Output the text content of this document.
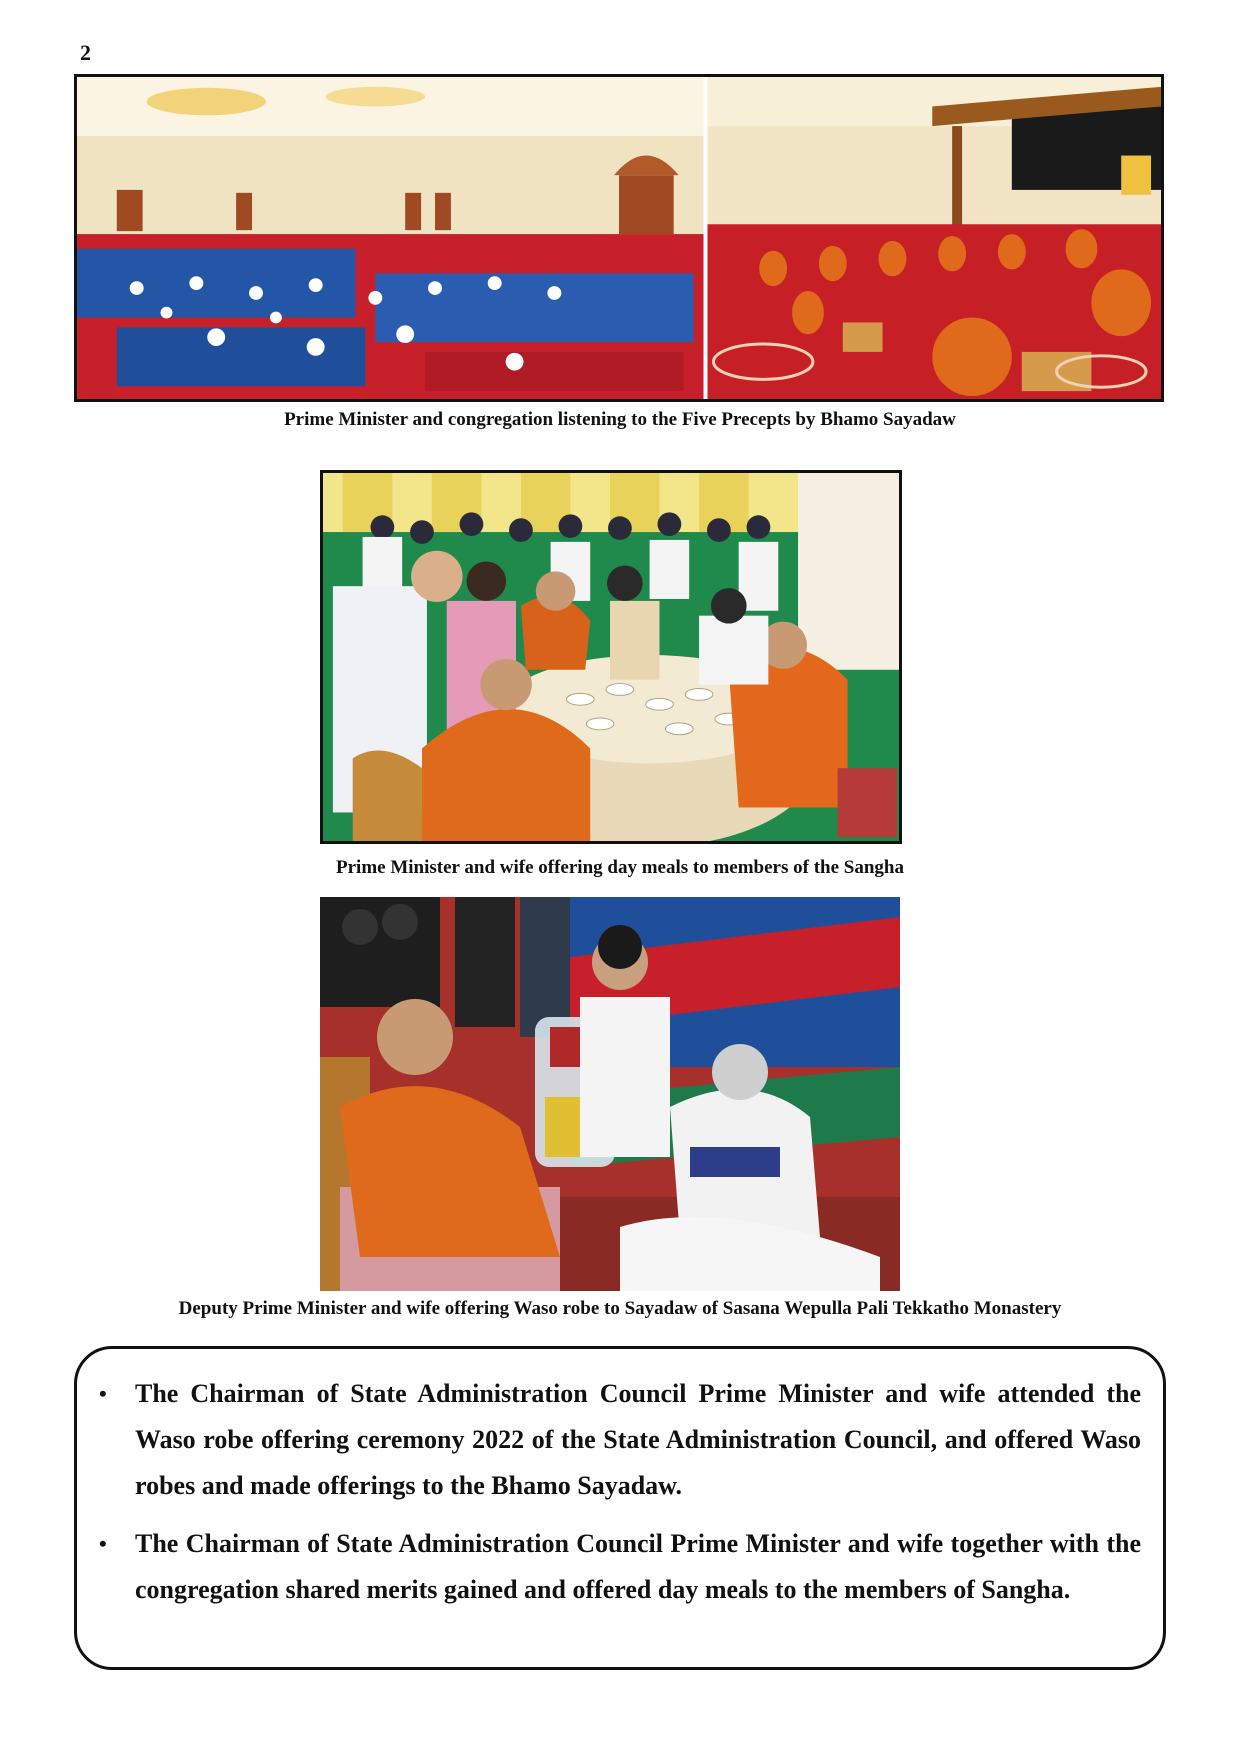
2
Prime Minister and congregation listening to the Five Precepts by Bhamo Sayadaw
Prime Minister and wife offering day meals to members of the Sangha
Deputy Prime Minister and wife offering Waso robe to Sayadaw of Sasana Wepulla Pali Tekkatho Monastery
• The Chairman of State Administration Council Prime Minister and wife attended the Waso robe offering ceremony 2022 of the State Administration Council, and offered Waso robes and made offerings to the Bhamo Sayadaw.
• The Chairman of State Administration Council Prime Minister and wife together with the congregation shared merits gained and offered day meals to the members of Sangha.
